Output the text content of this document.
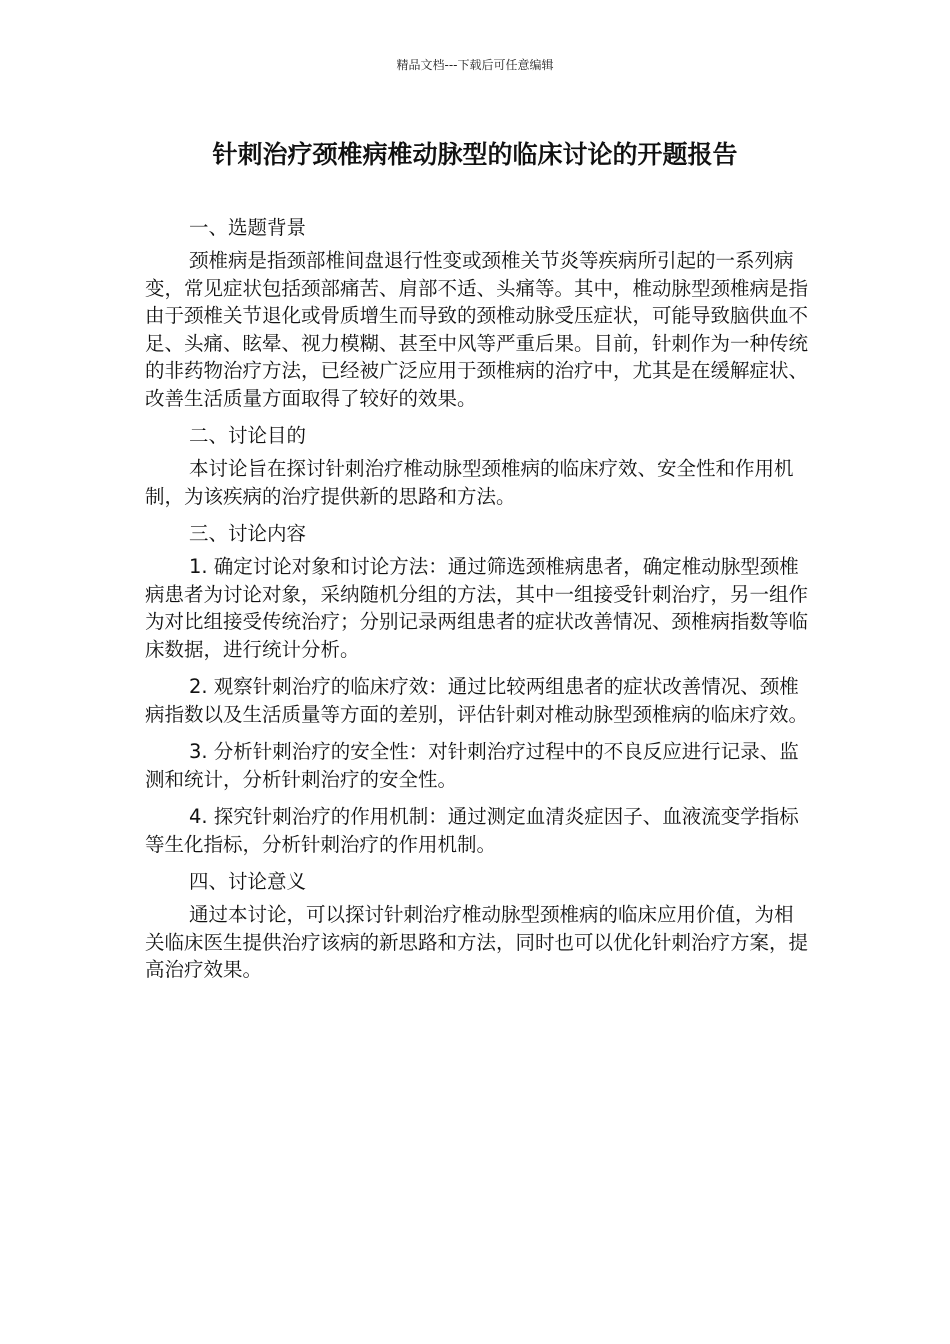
精品文档---下载后可任意编辑
针刺治疗颈椎病椎动脉型的临床讨论的开题报告
一、选题背景

颈椎病是指颈部椎间盘退行性变或颈椎关节炎等疾病所引起的一系列病变，常见症状包括颈部痛苦、肩部不适、头痛等。其中，椎动脉型颈椎病是指由于颈椎关节退化或骨质增生而导致的颈椎动脉受压症状，可能导致脑供血不足、头痛、眩晕、视力模糊、甚至中风等严重后果。目前，针刺作为一种传统的非药物治疗方法，已经被广泛应用于颈椎病的治疗中，尤其是在缓解症状、改善生活质量方面取得了较好的效果。

二、讨论目的

本讨论旨在探讨针刺治疗椎动脉型颈椎病的临床疗效、安全性和作用机制，为该疾病的治疗提供新的思路和方法。

三、讨论内容

1. 确定讨论对象和讨论方法：通过筛选颈椎病患者，确定椎动脉型颈椎病患者为讨论对象，采纳随机分组的方法，其中一组接受针刺治疗，另一组作为对比组接受传统治疗；分别记录两组患者的症状改善情况、颈椎病指数等临床数据，进行统计分析。

2. 观察针刺治疗的临床疗效：通过比较两组患者的症状改善情况、颈椎病指数以及生活质量等方面的差别，评估针刺对椎动脉型颈椎病的临床疗效。

3. 分析针刺治疗的安全性：对针刺治疗过程中的不良反应进行记录、监测和统计，分析针刺治疗的安全性。

4. 探究针刺治疗的作用机制：通过测定血清炎症因子、血液流变学指标等生化指标，分析针刺治疗的作用机制。

四、讨论意义

通过本讨论，可以探讨针刺治疗椎动脉型颈椎病的临床应用价值，为相关临床医生提供治疗该病的新思路和方法，同时也可以优化针刺治疗方案，提高治疗效果。
